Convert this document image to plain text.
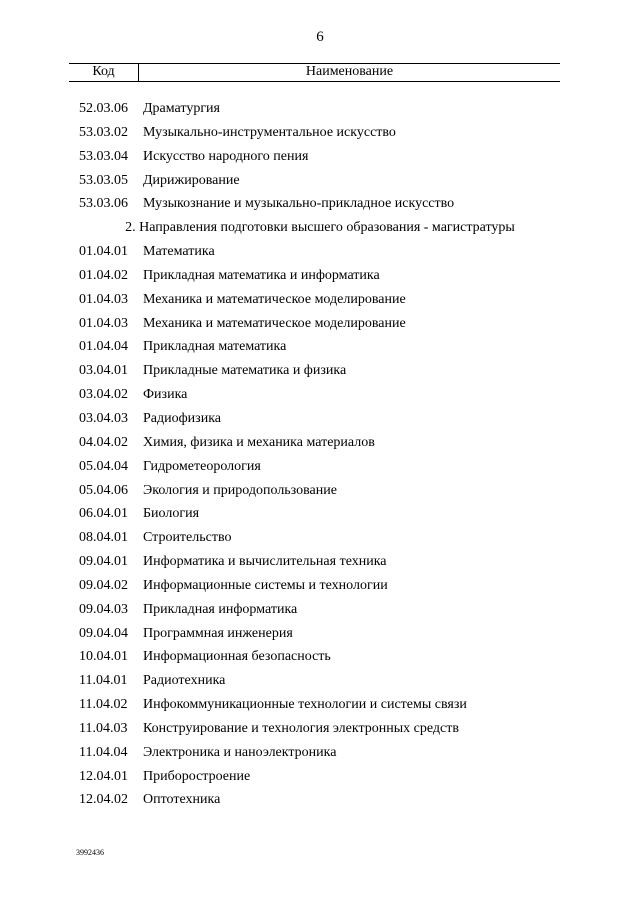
6
Код	Наименование
52.03.06 Драматургия
53.03.02 Музыкально-инструментальное искусство
53.03.04 Искусство народного пения
53.03.05 Дирижирование
53.03.06 Музыкознание и музыкально-прикладное искусство
2. Направления подготовки высшего образования - магистратуры
01.04.01 Математика
01.04.02 Прикладная математика и информатика
01.04.03 Механика и математическое моделирование
01.04.03 Механика и математическое моделирование
01.04.04 Прикладная математика
03.04.01 Прикладные математика и физика
03.04.02 Физика
03.04.03 Радиофизика
04.04.02 Химия, физика и механика материалов
05.04.04 Гидрометеорология
05.04.06 Экология и природопользование
06.04.01 Биология
08.04.01 Строительство
09.04.01 Информатика и вычислительная техника
09.04.02 Информационные системы и технологии
09.04.03 Прикладная информатика
09.04.04 Программная инженерия
10.04.01 Информационная безопасность
11.04.01 Радиотехника
11.04.02 Инфокоммуникационные технологии и системы связи
11.04.03 Конструирование и технология электронных средств
11.04.04 Электроника и наноэлектроника
12.04.01 Приборостроение
12.04.02 Оптотехника
3992436
